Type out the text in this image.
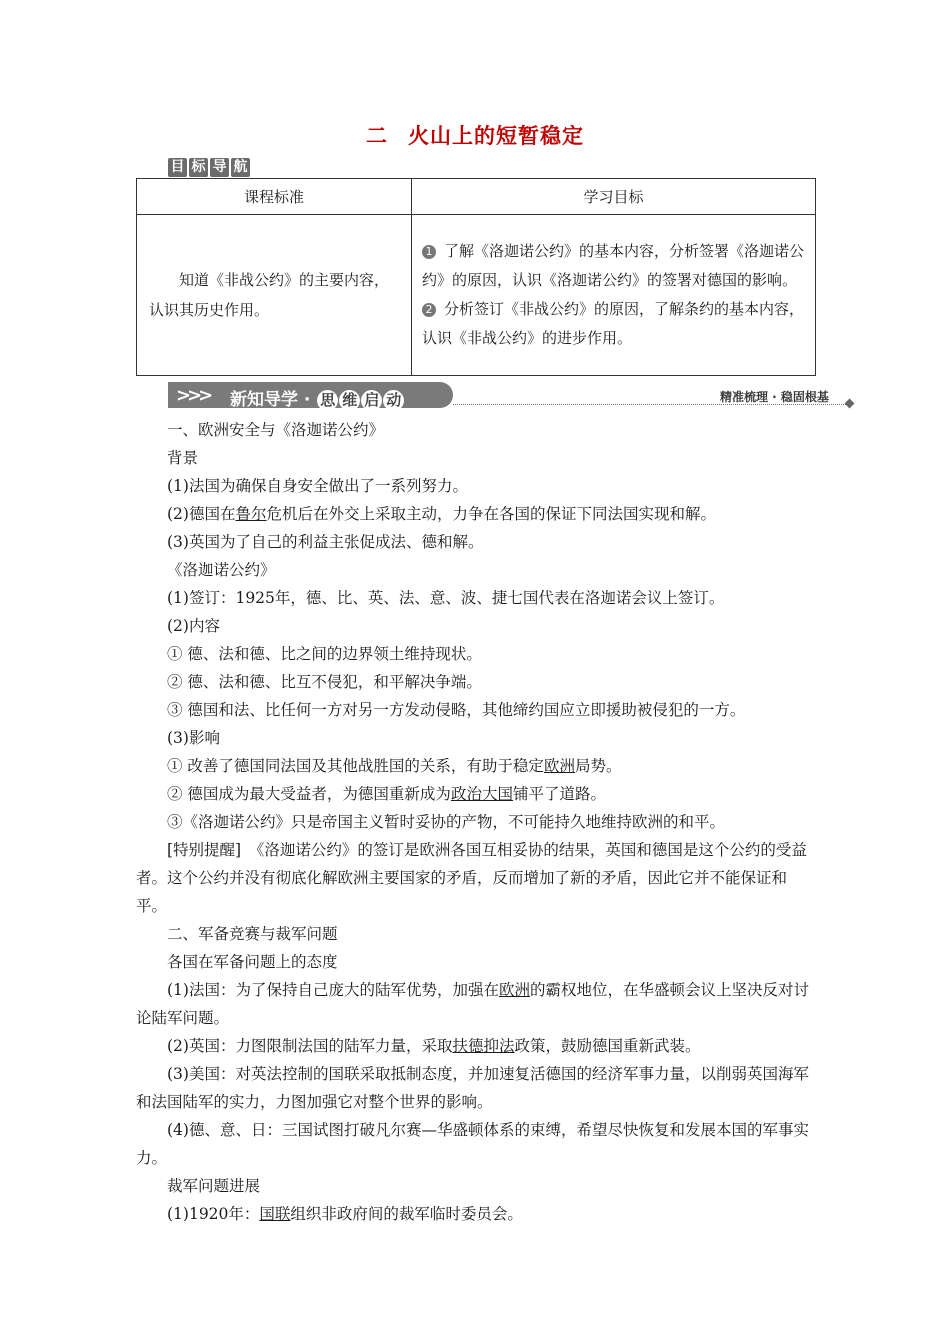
二 火山上的短暂稳定
目 标 导 航
课程标准	学习目标
知道《非战公约》的主要内容，认识其历史作用。	1 了解《洛迦诺公约》的基本内容，分析签署《洛迦诺公约》的原因，认识《洛迦诺公约》的签署对德国的影响。
2 分析签订《非战公约》的原因，了解条约的基本内容，认识《非战公约》的进步作用。
>>> 新知导学 · 思 维 启 动	精准梳理 · 稳固根基

一、欧洲安全与《洛迦诺公约》

背景

(1)法国为确保自身安全做出了一系列努力。

(2)德国在鲁尔危机后在外交上采取主动，力争在各国的保证下同法国实现和解。

(3)英国为了自己的利益主张促成法、德和解。

《洛迦诺公约》

(1)签订：1925年，德、比、英、法、意、波、捷七国代表在洛迦诺会议上签订。

(2)内容

① 德、法和德、比之间的边界领土维持现状。

② 德、法和德、比互不侵犯，和平解决争端。

③ 德国和法、比任何一方对另一方发动侵略，其他缔约国应立即援助被侵犯的一方。

(3)影响

① 改善了德国同法国及其他战胜国的关系，有助于稳定欧洲局势。

② 德国成为最大受益者，为德国重新成为政治大国铺平了道路。

③《洛迦诺公约》只是帝国主义暂时妥协的产物，不可能持久地维持欧洲的和平。

[特别提醒]　《洛迦诺公约》的签订是欧洲各国互相妥协的结果，英国和德国是这个公约的受益者。这个公约并没有彻底化解欧洲主要国家的矛盾，反而增加了新的矛盾，因此它并不能保证和平。

二、军备竞赛与裁军问题

各国在军备问题上的态度

(1)法国：为了保持自己庞大的陆军优势，加强在欧洲的霸权地位，在华盛顿会议上坚决反对讨论陆军问题。

(2)英国：力图限制法国的陆军力量，采取扶德抑法政策，鼓励德国重新武装。

(3)美国：对英法控制的国联采取抵制态度，并加速复活德国的经济军事力量，以削弱英国海军和法国陆军的实力，力图加强它对整个世界的影响。

(4)德、意、日：三国试图打破凡尔赛—华盛顿体系的束缚，希望尽快恢复和发展本国的军事实力。

裁军问题进展

(1)1920年：国联组织非政府间的裁军临时委员会。
